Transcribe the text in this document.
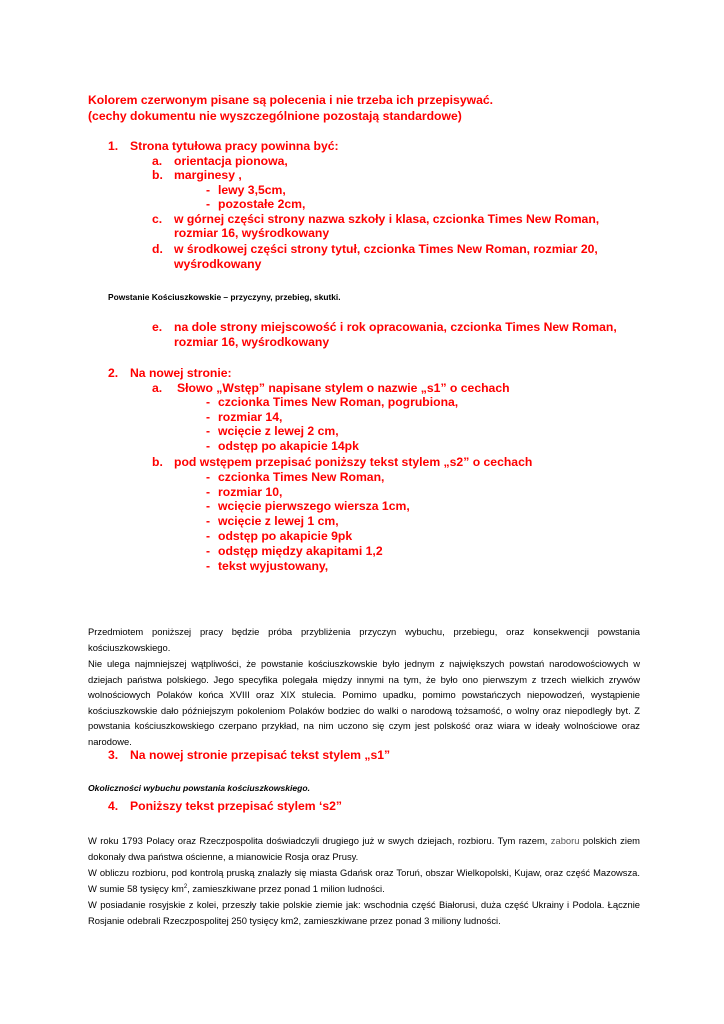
Kolorem czerwonym pisane są polecenia i nie trzeba ich przepisywać.
(cechy dokumentu nie wyszczególnione pozostają standardowe)
1. Strona tytułowa pracy powinna być:
a. orientacja pionowa,
b. marginesy ,
- lewy 3,5cm,
- pozostałe 2cm,
c. w górnej części strony nazwa szkoły i klasa, czcionka Times New Roman,
rozmiar 16, wyśrodkowany
d. w środkowej części strony tytuł, czcionka Times New Roman, rozmiar 20,
wyśrodkowany
Powstanie Kościuszkowskie – przyczyny, przebieg, skutki.
e. na dole strony miejscowość i rok opracowania, czcionka Times New Roman,
rozmiar 16, wyśrodkowany
2. Na nowej stronie:
a. Słowo „Wstęp” napisane stylem o nazwie „s1” o cechach
- czcionka Times New Roman, pogrubiona,
- rozmiar 14,
- wcięcie z lewej 2 cm,
- odstęp po akapicie 14pk
b. pod wstępem przepisać poniższy tekst stylem „s2” o cechach
- czcionka Times New Roman,
- rozmiar 10,
- wcięcie pierwszego wiersza 1cm,
- wcięcie z lewej 1 cm,
- odstęp po akapicie 9pk
- odstęp między akapitami 1,2
- tekst wyjustowany,
Przedmiotem poniższej pracy będzie próba przybliżenia przyczyn wybuchu, przebiegu, oraz konsekwencji powstania kościuszkowskiego.
Nie ulega najmniejszej wątpliwości, że powstanie kościuszkowskie było jednym z największych powstań narodowościowych w dziejach państwa polskiego. Jego specyfika polegała między innymi na tym, że było ono pierwszym z trzech wielkich zrywów wolnościowych Polaków końca XVIII oraz XIX stulecia. Pomimo upadku, pomimo powstańczych niepowodzeń, wystąpienie kościuszkowskie dało późniejszym pokoleniom Polaków bodziec do walki o narodową tożsamość, o wolny oraz niepodległy byt. Z powstania kościuszkowskiego czerpano przykład, na nim uczono się czym jest polskość oraz wiara w ideały wolnościowe oraz narodowe.
3. Na nowej stronie przepisać tekst stylem „s1”
Okoliczności wybuchu powstania kościuszkowskiego.
4. Poniższy tekst przepisać stylem ‘s2”
W roku 1793 Polacy oraz Rzeczpospolita doświadczyli drugiego już w swych dziejach, rozbioru. Tym razem, zaboru polskich ziem dokonały dwa państwa ościenne, a mianowicie Rosja oraz Prusy.
W obliczu rozbioru, pod kontrolą pruską znalazły się miasta Gdańsk oraz Toruń, obszar Wielkopolski, Kujaw, oraz część Mazowsza. W sumie 58 tysięcy $km^2$, zamieszkiwane przez ponad 1 milion ludności.
W posiadanie rosyjskie z kolei, przeszły takie polskie ziemie jak: wschodnia część Białorusi, duża część Ukrainy i Podola. Łącznie Rosjanie odebrali Rzeczpospolitej 250 tysięcy km2, zamieszkiwane przez ponad 3 miliony ludności.
